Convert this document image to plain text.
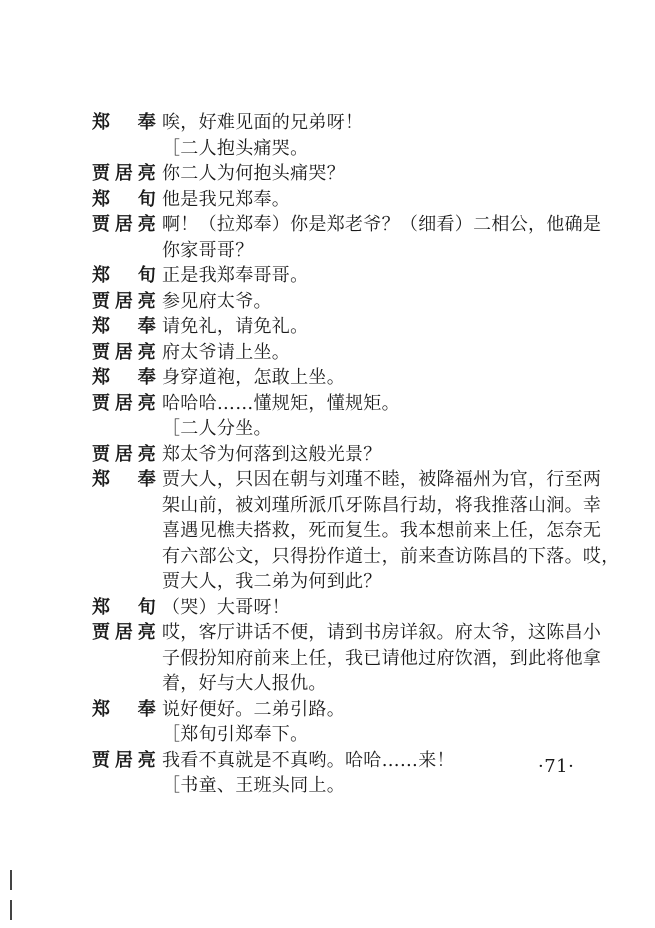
郑　奉 唉，好难见面的兄弟呀！
［二人抱头痛哭。
贾居亮 你二人为何抱头痛哭？
郑　旬 他是我兄郑奉。
贾居亮 啊！（拉郑奉）你是郑老爷？（细看）二相公，他确是
你家哥哥？
郑　旬 正是我郑奉哥哥。
贾居亮 参见府太爷。
郑　奉 请免礼，请免礼。
贾居亮 府太爷请上坐。
郑　奉 身穿道袍，怎敢上坐。
贾居亮 哈哈哈……懂规矩，懂规矩。
［二人分坐。
贾居亮 郑太爷为何落到这般光景？
郑　奉 贾大人，只因在朝与刘瑾不睦，被降福州为官，行至两
架山前，被刘瑾所派爪牙陈昌行劫，将我推落山涧。幸
喜遇见樵夫搭救，死而复生。我本想前来上任，怎奈无
有六部公文，只得扮作道士，前来查访陈昌的下落。哎，
贾大人，我二弟为何到此？
郑　旬 （哭）大哥呀！
贾居亮 哎，客厅讲话不便，请到书房详叙。府太爷，这陈昌小
子假扮知府前来上任，我已请他过府饮酒，到此将他拿
着，好与大人报仇。
郑　奉 说好便好。二弟引路。
［郑旬引郑奉下。
贾居亮 我看不真就是不真哟。哈哈……来！
［书童、王班头同上。
·71·
